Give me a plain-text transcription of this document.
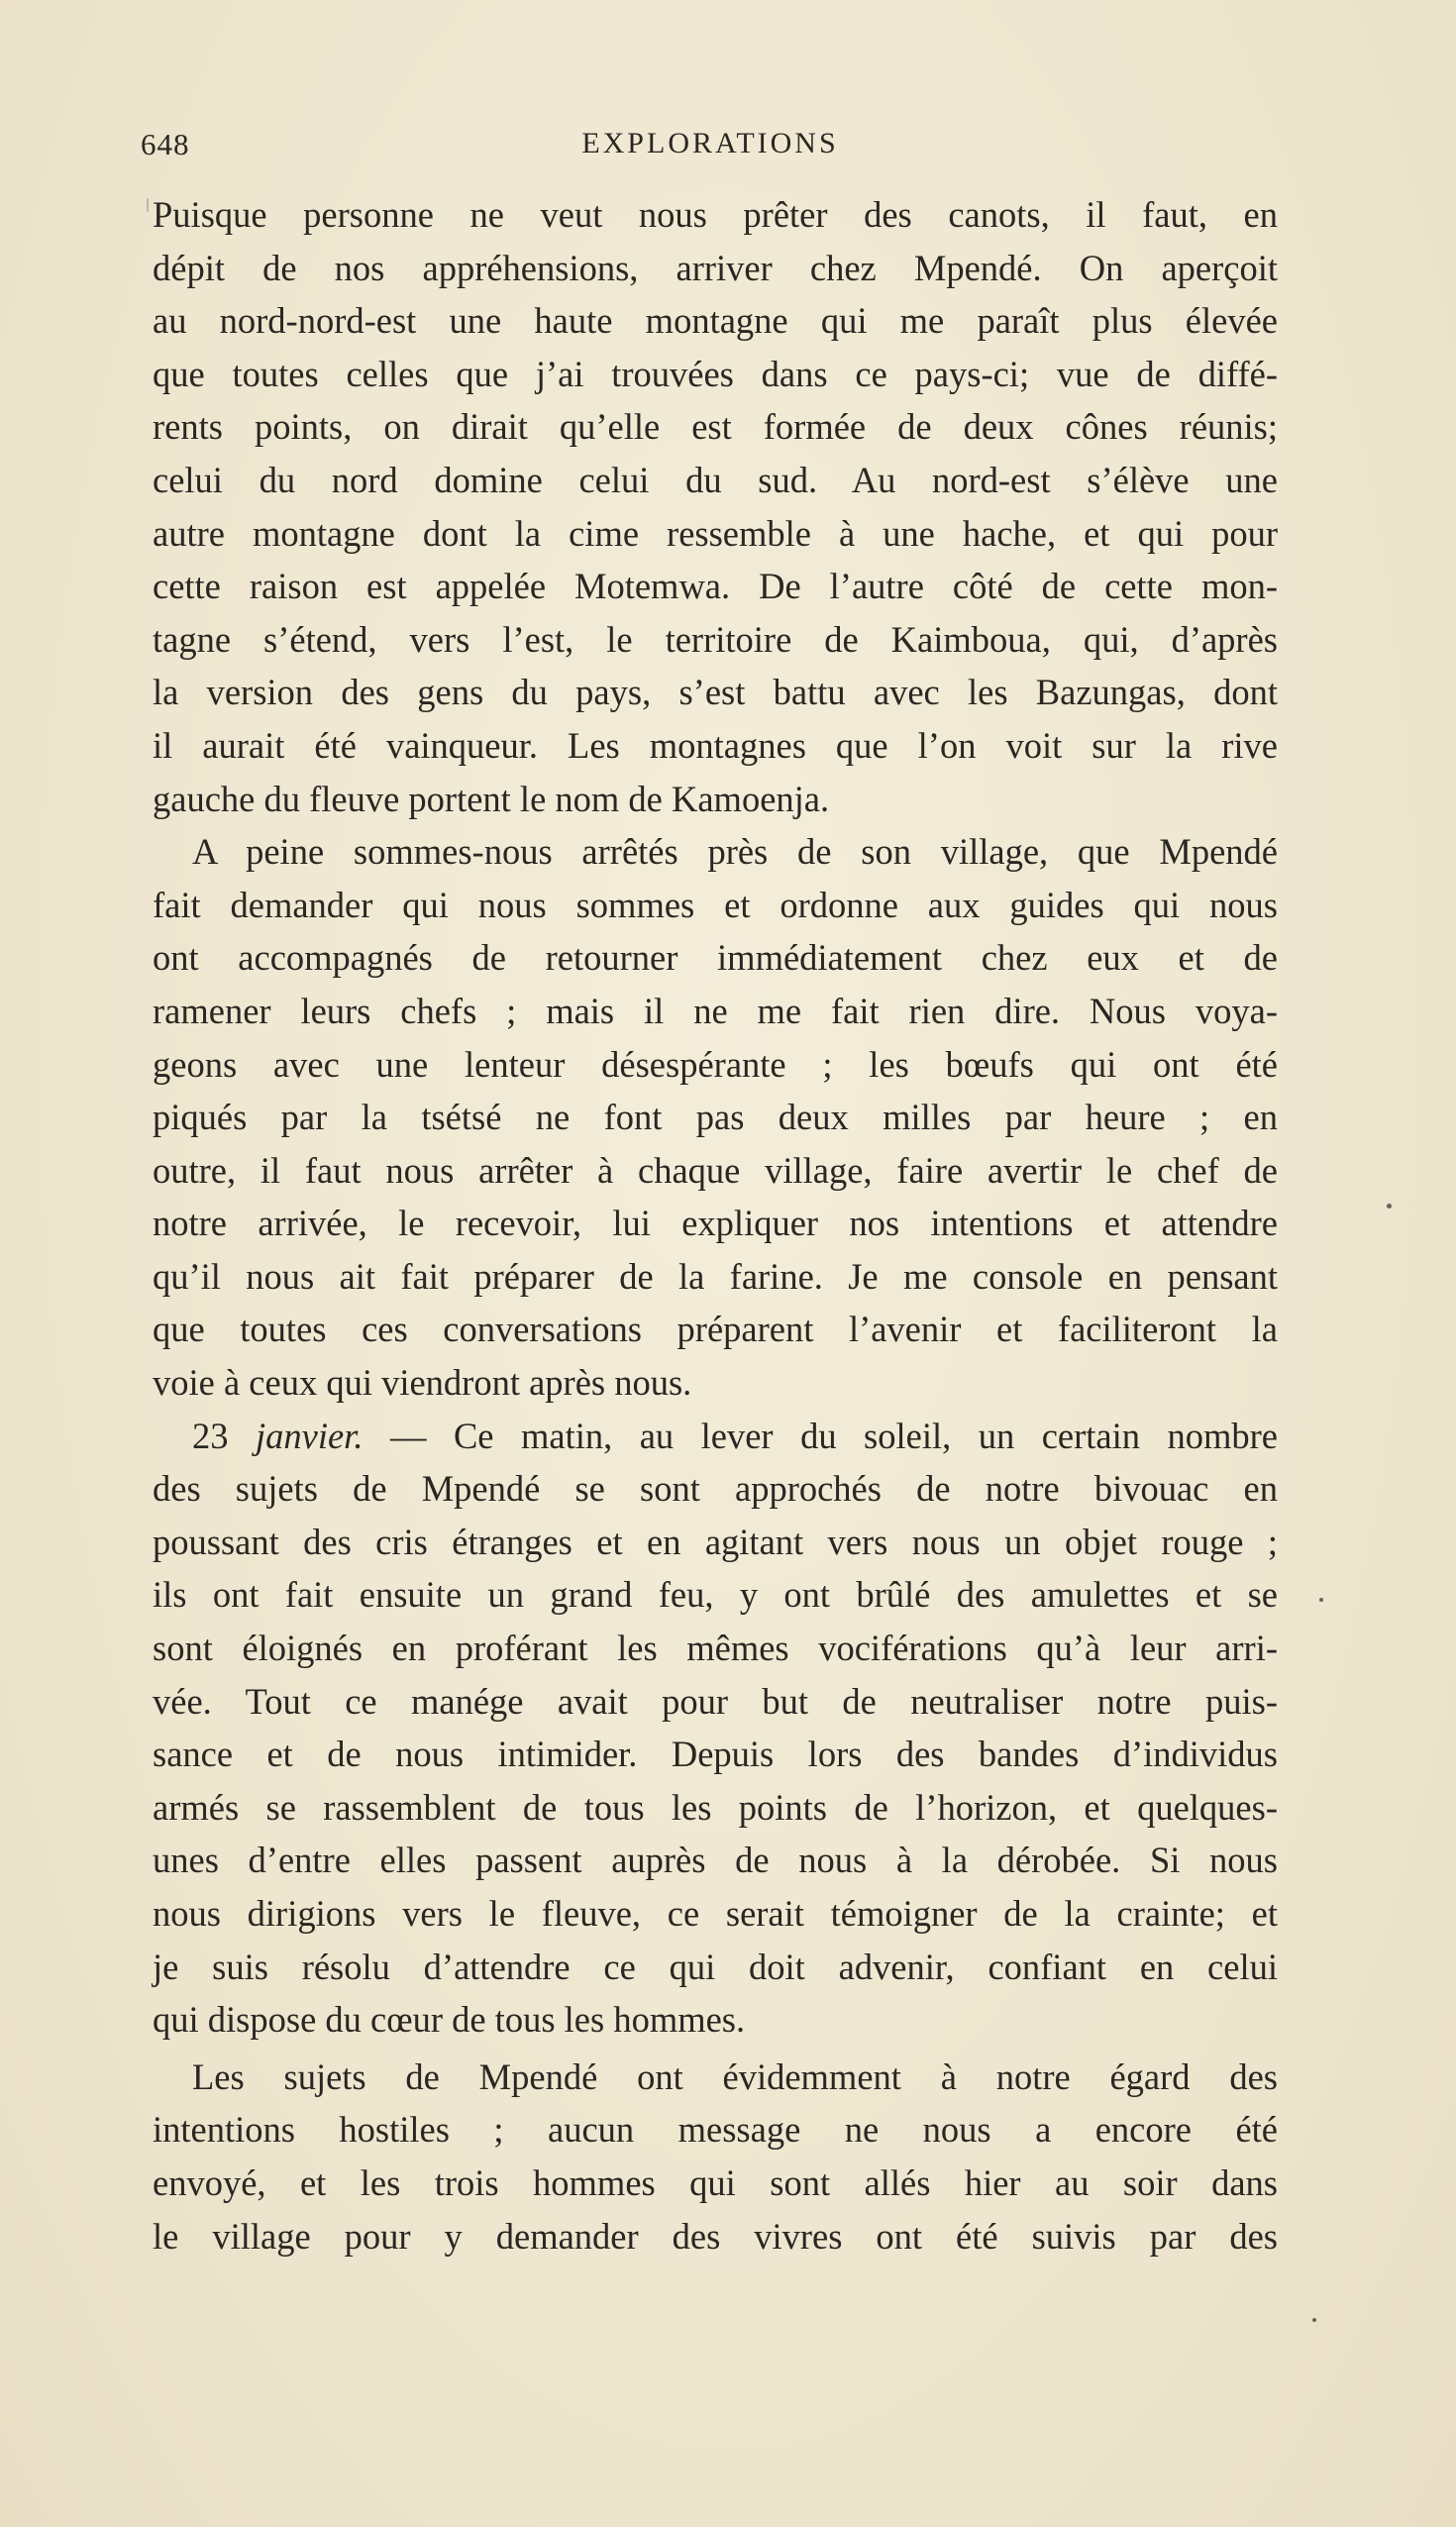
648	EXPLORATIONS
Puisque personne ne veut nous prêter des canots, il faut, en
dépit de nos appréhensions, arriver chez Mpendé. On aperçoit
au nord-nord-est une haute montagne qui me paraît plus élevée
que toutes celles que j’ai trouvées dans ce pays-ci; vue de diffé-
rents points, on dirait qu’elle est formée de deux cônes réunis;
celui du nord domine celui du sud. Au nord-est s’élève une
autre montagne dont la cime ressemble à une hache, et qui pour
cette raison est appelée Motemwa. De l’autre côté de cette mon-
tagne s’étend, vers l’est, le territoire de Kaimboua, qui, d’après
la version des gens du pays, s’est battu avec les Bazungas, dont
il aurait été vainqueur. Les montagnes que l’on voit sur la rive
gauche du fleuve portent le nom de Kamoenja.
A peine sommes-nous arrêtés près de son village, que Mpendé
fait demander qui nous sommes et ordonne aux guides qui nous
ont accompagnés de retourner immédiatement chez eux et de
ramener leurs chefs ; mais il ne me fait rien dire. Nous voya-
geons avec une lenteur désespérante ; les bœufs qui ont été
piqués par la tsétsé ne font pas deux milles par heure ; en
outre, il faut nous arrêter à chaque village, faire avertir le chef de
notre arrivée, le recevoir, lui expliquer nos intentions et attendre
qu’il nous ait fait préparer de la farine. Je me console en pensant
que toutes ces conversations préparent l’avenir et faciliteront la
voie à ceux qui viendront après nous.
23 janvier. — Ce matin, au lever du soleil, un certain nombre
des sujets de Mpendé se sont approchés de notre bivouac en
poussant des cris étranges et en agitant vers nous un objet rouge ;
ils ont fait ensuite un grand feu, y ont brûlé des amulettes et se
sont éloignés en proférant les mêmes vociférations qu’à leur arri-
vée. Tout ce manége avait pour but de neutraliser notre puis-
sance et de nous intimider. Depuis lors des bandes d’individus
armés se rassemblent de tous les points de l’horizon, et quelques-
unes d’entre elles passent auprès de nous à la dérobée. Si nous
nous dirigions vers le fleuve, ce serait témoigner de la crainte; et
je suis résolu d’attendre ce qui doit advenir, confiant en celui
qui dispose du cœur de tous les hommes.
Les sujets de Mpendé ont évidemment à notre égard des
intentions hostiles ; aucun message ne nous a encore été
envoyé, et les trois hommes qui sont allés hier au soir dans
le village pour y demander des vivres ont été suivis par des
